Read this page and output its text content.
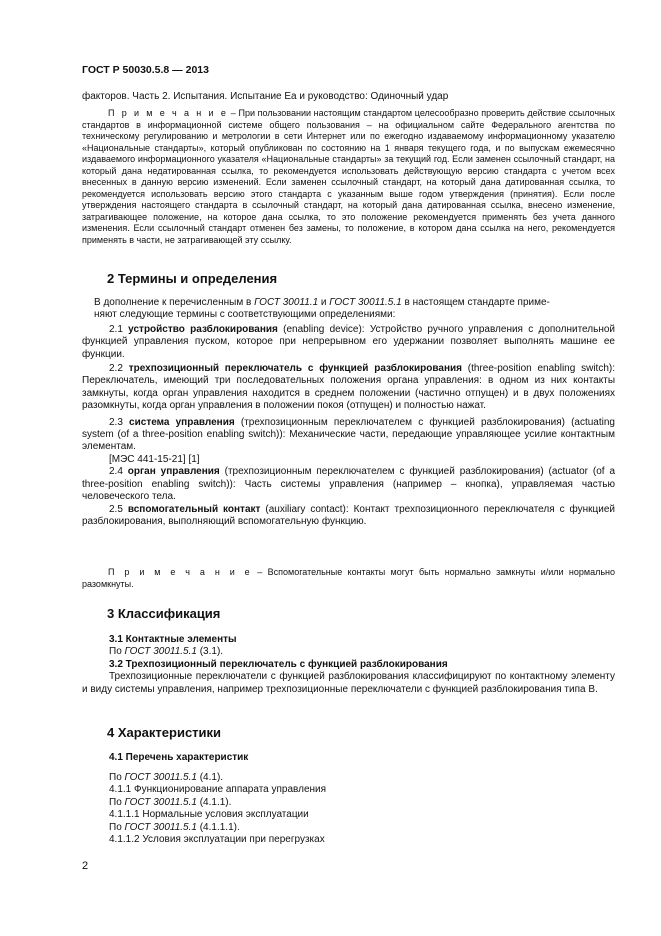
ГОСТ Р 50030.5.8 — 2013
факторов. Часть 2. Испытания. Испытание Еа и руководство: Одиночный удар
П р и м е ч а н и е – При пользовании настоящим стандартом целесообразно проверить действие ссылочных стандартов в информационной системе общего пользования – на официальном сайте Федерального агентства по техническому регулированию и метрологии в сети Интернет или по ежегодно издаваемому информационному указателю «Национальные стандарты», который опубликован по состоянию на 1 января текущего года, и по выпускам ежемесячно издаваемого информационного указателя «Национальные стандарты» за текущий год. Если заменен ссылочный стандарт, на который дана недатированная ссылка, то рекомендуется использовать действующую версию стандарта с учетом всех внесенных в данную версию изменений. Если заменен ссылочный стандарт, на который дана датированная ссылка, то рекомендуется использовать версию этого стандарта с указанным выше годом утверждения (принятия). Если после утверждения настоящего стандарта в ссылочный стандарт, на который дана датированная ссылка, внесено изменение, затрагивающее положение, на которое дана ссылка, то это положение рекомендуется применять без учета данного изменения. Если ссылочный стандарт отменен без замены, то положение, в котором дана ссылка на него, рекомендуется применять в части, не затрагивающей эту ссылку.
2 Термины и определения
В дополнение к перечисленным в ГОСТ 30011.1 и ГОСТ 30011.5.1 в настоящем стандарте приме-
няют следующие термины с соответствующими определениями:
2.1 устройство разблокирования (enabling device): Устройство ручного управления с дополнительной функцией управления пуском, которое при непрерывном его удержании позволяет выполнять машине ее функции.
2.2 трехпозиционный переключатель с функцией разблокирования (three-position enabling switch): Переключатель, имеющий три последовательных положения органа управления: в одном из них контакты замкнуты, когда орган управления находится в среднем положении (частично отпущен) и в двух положениях разомкнуты, когда орган управления в положении покоя (отпущен) и полностью нажат.
2.3 система управления (трехпозиционным переключателем с функцией разблокирования) (actuating system (of a three-position enabling switch)): Механические части, передающие управляющее усилие контактным элементам.
[МЭС 441-15-21] [1]
2.4 орган управления (трехпозиционным переключателем с функцией разблокирования) (actuator (of a three-position enabling switch)): Часть системы управления (например – кнопка), управляемая частью человеческого тела.
2.5 вспомогательный контакт (auxiliary contact): Контакт трехпозиционного переключателя с функцией разблокирования, выполняющий вспомогательную функцию.
П р и м е ч а н и е – Вспомогательные контакты могут быть нормально замкнуты и/или нормально разомкнуты.
3 Классификация
3.1 Контактные элементы
По ГОСТ 30011.5.1 (3.1).
3.2 Трехпозиционный переключатель с функцией разблокирования
Трехпозиционные переключатели с функцией разблокирования классифицируют по контактному элементу и виду системы управления, например трехпозиционные переключатели с функцией разблокирования типа В.
4 Характеристики
4.1 Перечень характеристик
По ГОСТ 30011.5.1 (4.1).
4.1.1 Функционирование аппарата управления
По ГОСТ 30011.5.1 (4.1.1).
4.1.1.1 Нормальные условия эксплуатации
По ГОСТ 30011.5.1 (4.1.1.1).
4.1.1.2 Условия эксплуатации при перегрузках
2
